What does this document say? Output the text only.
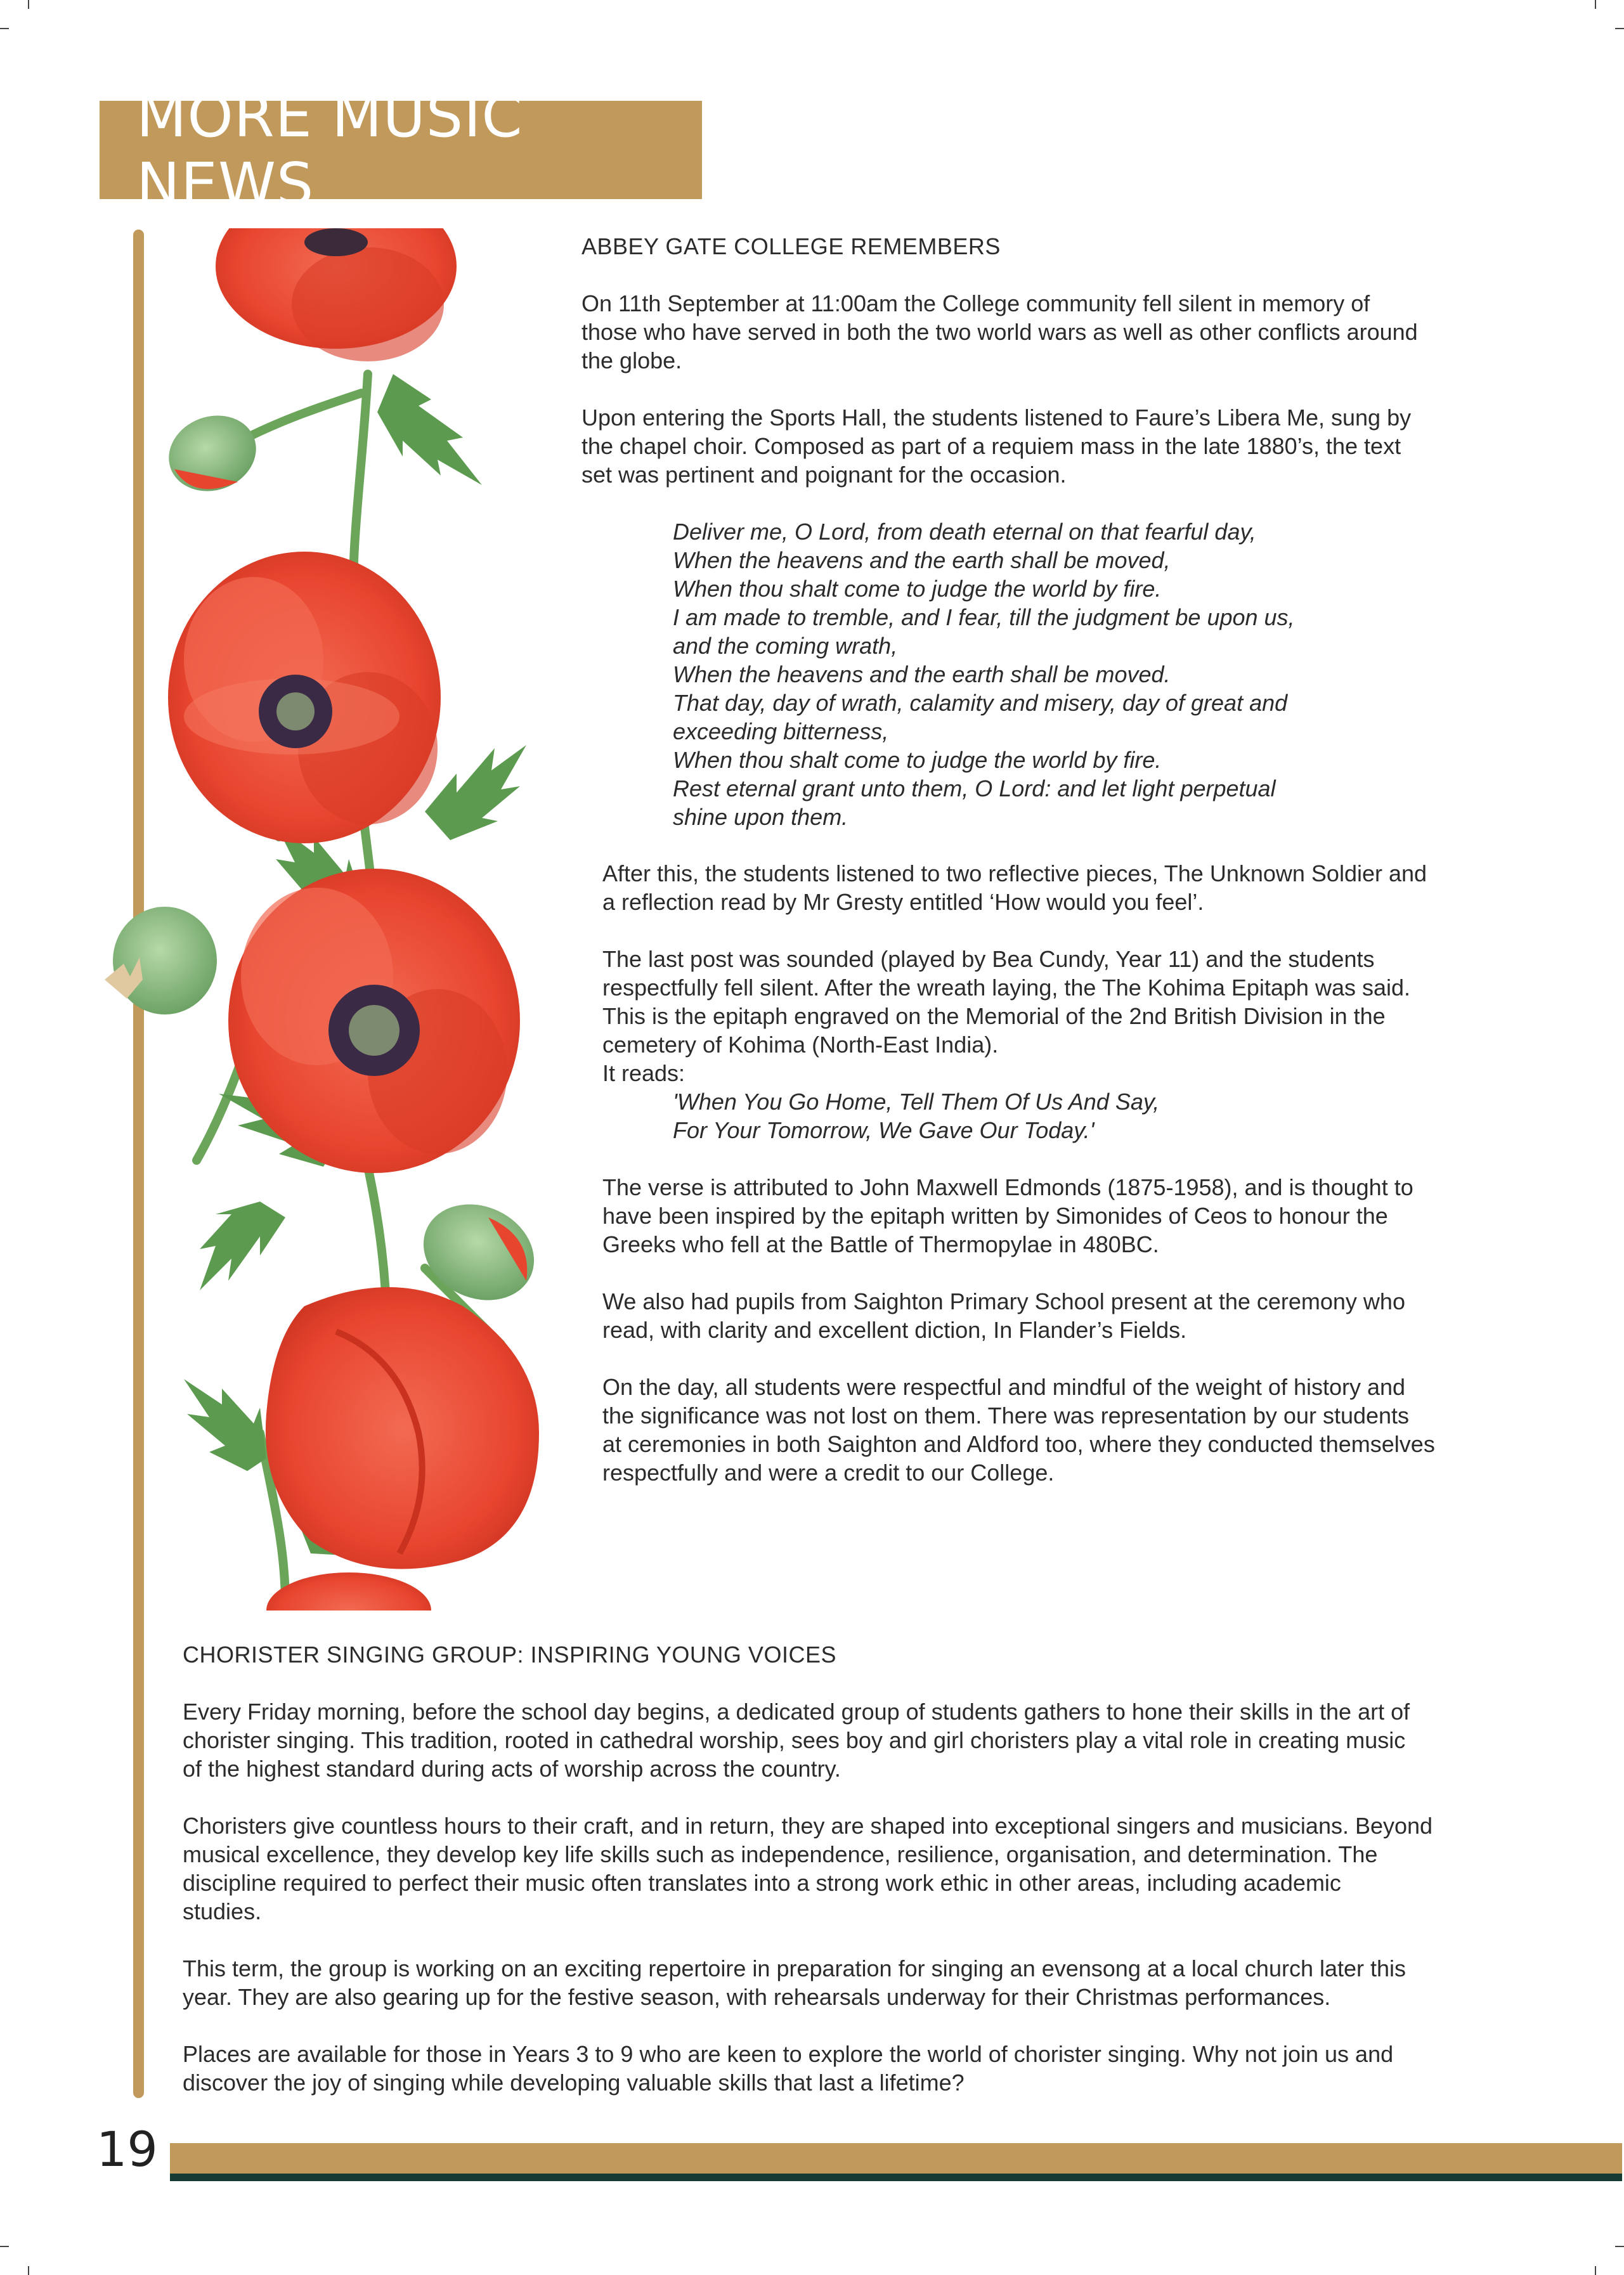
MORE MUSIC NEWS

ABBEY GATE COLLEGE REMEMBERS

On 11th September at 11:00am the College community fell silent in memory of

those who have served in both the two world wars as well as other conflicts around

the globe.

Upon entering the Sports Hall, the students listened to Faure’s Libera Me, sung by

the chapel choir. Composed as part of a requiem mass in the late 1880’s, the text

set was pertinent and poignant for the occasion.

Deliver me, O Lord, from death eternal on that fearful day,

When the heavens and the earth shall be moved,

When thou shalt come to judge the world by fire.

I am made to tremble, and I fear, till the judgment be upon us,

and the coming wrath,

When the heavens and the earth shall be moved.

That day, day of wrath, calamity and misery, day of great and

exceeding bitterness,

When thou shalt come to judge the world by fire.

Rest eternal grant unto them, O Lord: and let light perpetual

shine upon them.

After this, the students listened to two reflective pieces, The Unknown Soldier and

a reflection read by Mr Gresty entitled ‘How would you feel’.

The last post was sounded (played by Bea Cundy, Year 11) and the students

respectfully fell silent. After the wreath laying, the The Kohima Epitaph was said.

This is the epitaph engraved on the Memorial of the 2nd British Division in the

cemetery of Kohima (North-East India).

It reads:

'When You Go Home, Tell Them Of Us And Say,

For Your Tomorrow, We Gave Our Today.'

The verse is attributed to John Maxwell Edmonds (1875-1958), and is thought to

have been inspired by the epitaph written by Simonides of Ceos to honour the

Greeks who fell at the Battle of Thermopylae in 480BC.

We also had pupils from Saighton Primary School present at the ceremony who

read, with clarity and excellent diction, In Flander’s Fields.

On the day, all students were respectful and mindful of the weight of history and

the significance was not lost on them. There was representation by our students

at ceremonies in both Saighton and Aldford too, where they conducted themselves

respectfully and were a credit to our College.

CHORISTER SINGING GROUP: INSPIRING YOUNG VOICES

Every Friday morning, before the school day begins, a dedicated group of students gathers to hone their skills in the art of

chorister singing. This tradition, rooted in cathedral worship, sees boy and girl choristers play a vital role in creating music

of the highest standard during acts of worship across the country.

Choristers give countless hours to their craft, and in return, they are shaped into exceptional singers and musicians. Beyond

musical excellence, they develop key life skills such as independence, resilience, organisation, and determination. The

discipline required to perfect their music often translates into a strong work ethic in other areas, including academic

studies.

This term, the group is working on an exciting repertoire in preparation for singing an evensong at a local church later this

year. They are also gearing up for the festive season, with rehearsals underway for their Christmas performances.

Places are available for those in Years 3 to 9 who are keen to explore the world of chorister singing. Why not join us and

discover the joy of singing while developing valuable skills that last a lifetime?

19
